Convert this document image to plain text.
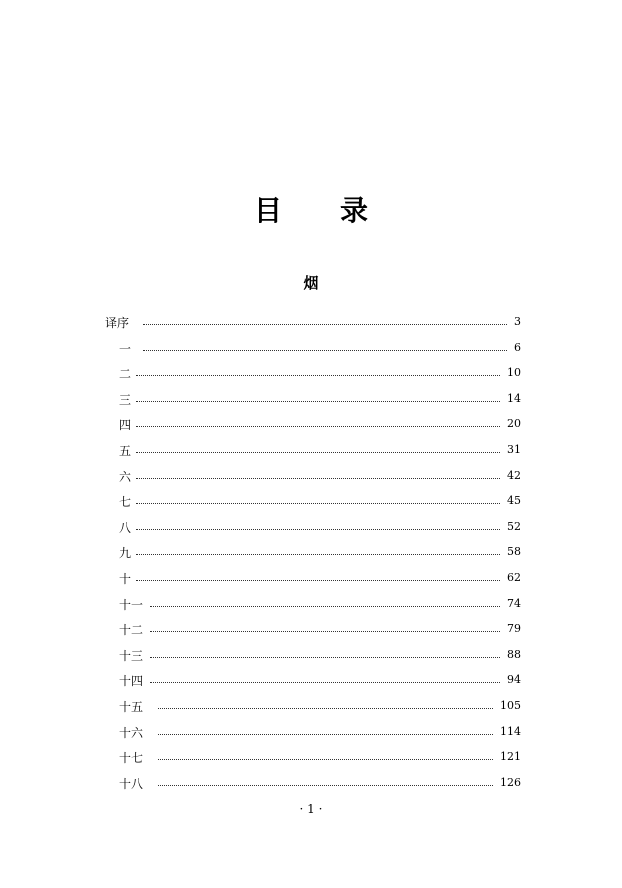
目 录
烟
译序	3
一	6
二	10
三	14
四	20
五	31
六	42
七	45
八	52
九	58
十	62
十一	74
十二	79
十三	88
十四	94
十五	105
十六	114
十七	121
十八	126
· 1 ·
